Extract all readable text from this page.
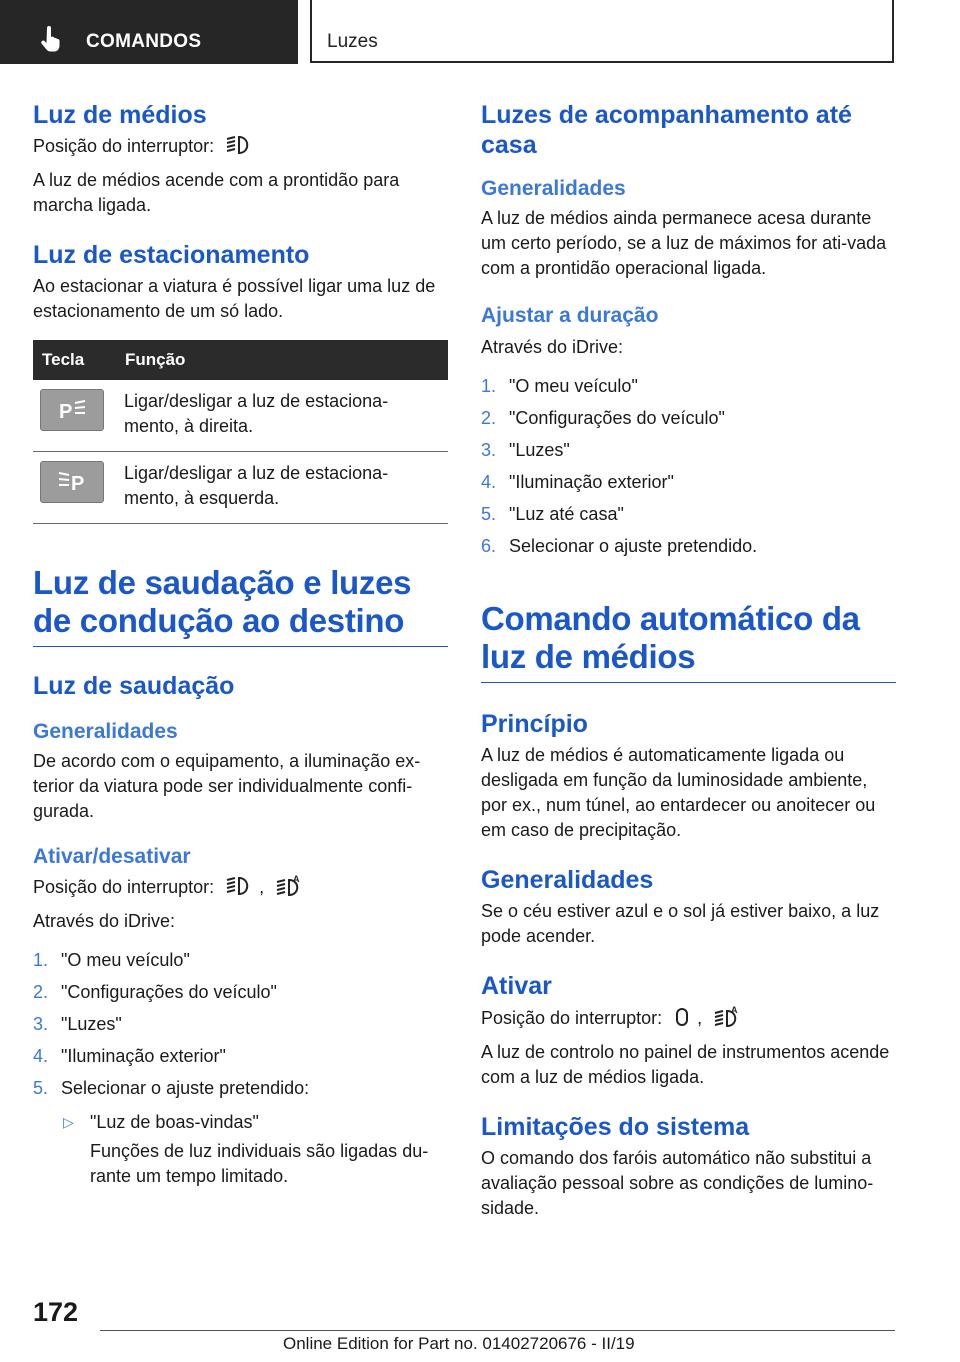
COMANDOS	Luzes
Luz de médios

Posição do interruptor:

A luz de médios acende com a prontidão para marcha ligada.

Luz de estacionamento

Ao estacionar a viatura é possível ligar uma luz de estacionamento de um só lado.

Tecla	Função

P	Ligar/desligar a luz de estaciona-mento, à direita.

P	Ligar/desligar a luz de estaciona-mento, à esquerda.
Luz de saudação e luzes de condução ao destino
Luz de saudação
Generalidades

De acordo com o equipamento, a iluminação ex-terior da viatura pode ser individualmente confi-gurada.

Ativar/desativar

Posição do interruptor:	,	A

Através do iDrive:

1. "O meu veículo"
2. "Configurações do veículo"
3. "Luzes"
4. "Iluminação exterior"
5. Selecionar o ajuste pretendido:
▷ "Luz de boas-vindas"
Funções de luz individuais são ligadas du-rante um tempo limitado.
Luzes de acompanhamento até casa
Generalidades

A luz de médios ainda permanece acesa durante um certo período, se a luz de máximos for ati-vada com a prontidão operacional ligada.

Ajustar a duração

Através do iDrive:

1. "O meu veículo"
2. "Configurações do veículo"
3. "Luzes"
4. "Iluminação exterior"
5. "Luz até casa"
6. Selecionar o ajuste pretendido.
Comando automático da luz de médios
Princípio

A luz de médios é automaticamente ligada ou desligada em função da luminosidade ambiente, por ex., num túnel, ao entardecer ou anoitecer ou em caso de precipitação.

Generalidades

Se o céu estiver azul e o sol já estiver baixo, a luz pode acender.

Ativar

Posição do interruptor: ,	A

A luz de controlo no painel de instrumentos acende com a luz de médios ligada.

Limitações do sistema

O comando dos faróis automático não substitui a avaliação pessoal sobre as condições de lumino-sidade.

172
Online Edition for Part no. 01402720676 - II/19
